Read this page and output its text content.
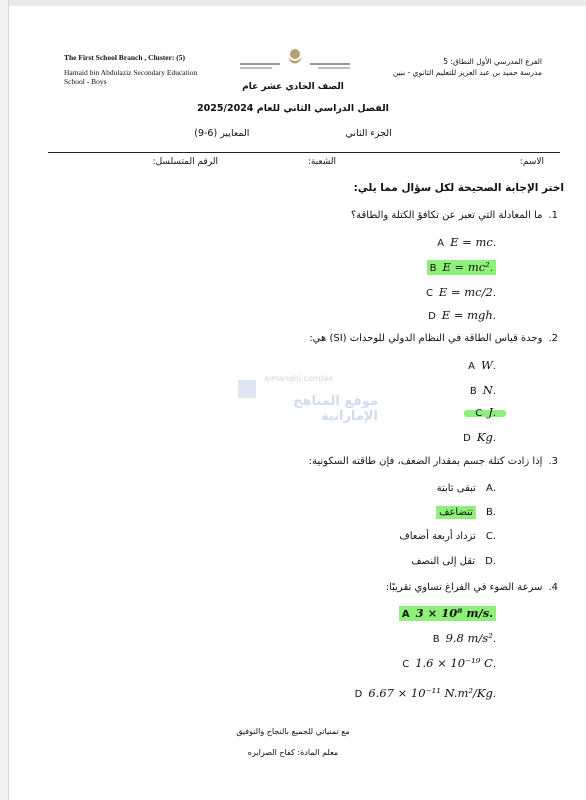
The First School Branch , Cluster: (5)
Hamaid bin Abdulaziz Secondary Education
School - Boys
الفرع المدرسي الأول النطاق: 5
مدرسة حميد بن عبد العزيز للتعليم الثانوي - بنين
الصف الحادي عشر عام
الفصل الدراسي الثاني للعام 2025/2024
الجزء الثاني  المعايير (6-9)
الاسم:
الشعبة:
الرقم المتسلسل:
اختر الإجابة الصحيحة لكل سؤال مما يلي:
1.ما المعادلة التي تعبر عن تكافؤ الكتلة والطاقة؟
.AE = mc
.BE = mc²
.CE = mc/2
.DE = mgh
2.وحدة قياس الطاقة في النظام الدولي للوحدات (SI) هي:
.AW
.BN
.CJ
.DKg
almanahj.com/ae
موقع المناهج الإماراتية
3.إذا زادت كتلة جسم بمقدار الضعف، فإن طاقته السكونية:
.Aتبقى ثابتة
.Bتتضاعف
.Cتزداد أربعة أضعاف
.Dتقل إلى النصف
4.سرعة الضوء في الفراغ تساوي تقريبًا:
.A3 × 10⁸ m/s
.B9.8 m/s²
.C1.6 × 10⁻¹⁹ C
.D6.67 × 10⁻¹¹ N.m²/Kg
مع تمنياتي للجميع بالنجاح والتوفيق
معلم المادة: كفاح الصرايره
